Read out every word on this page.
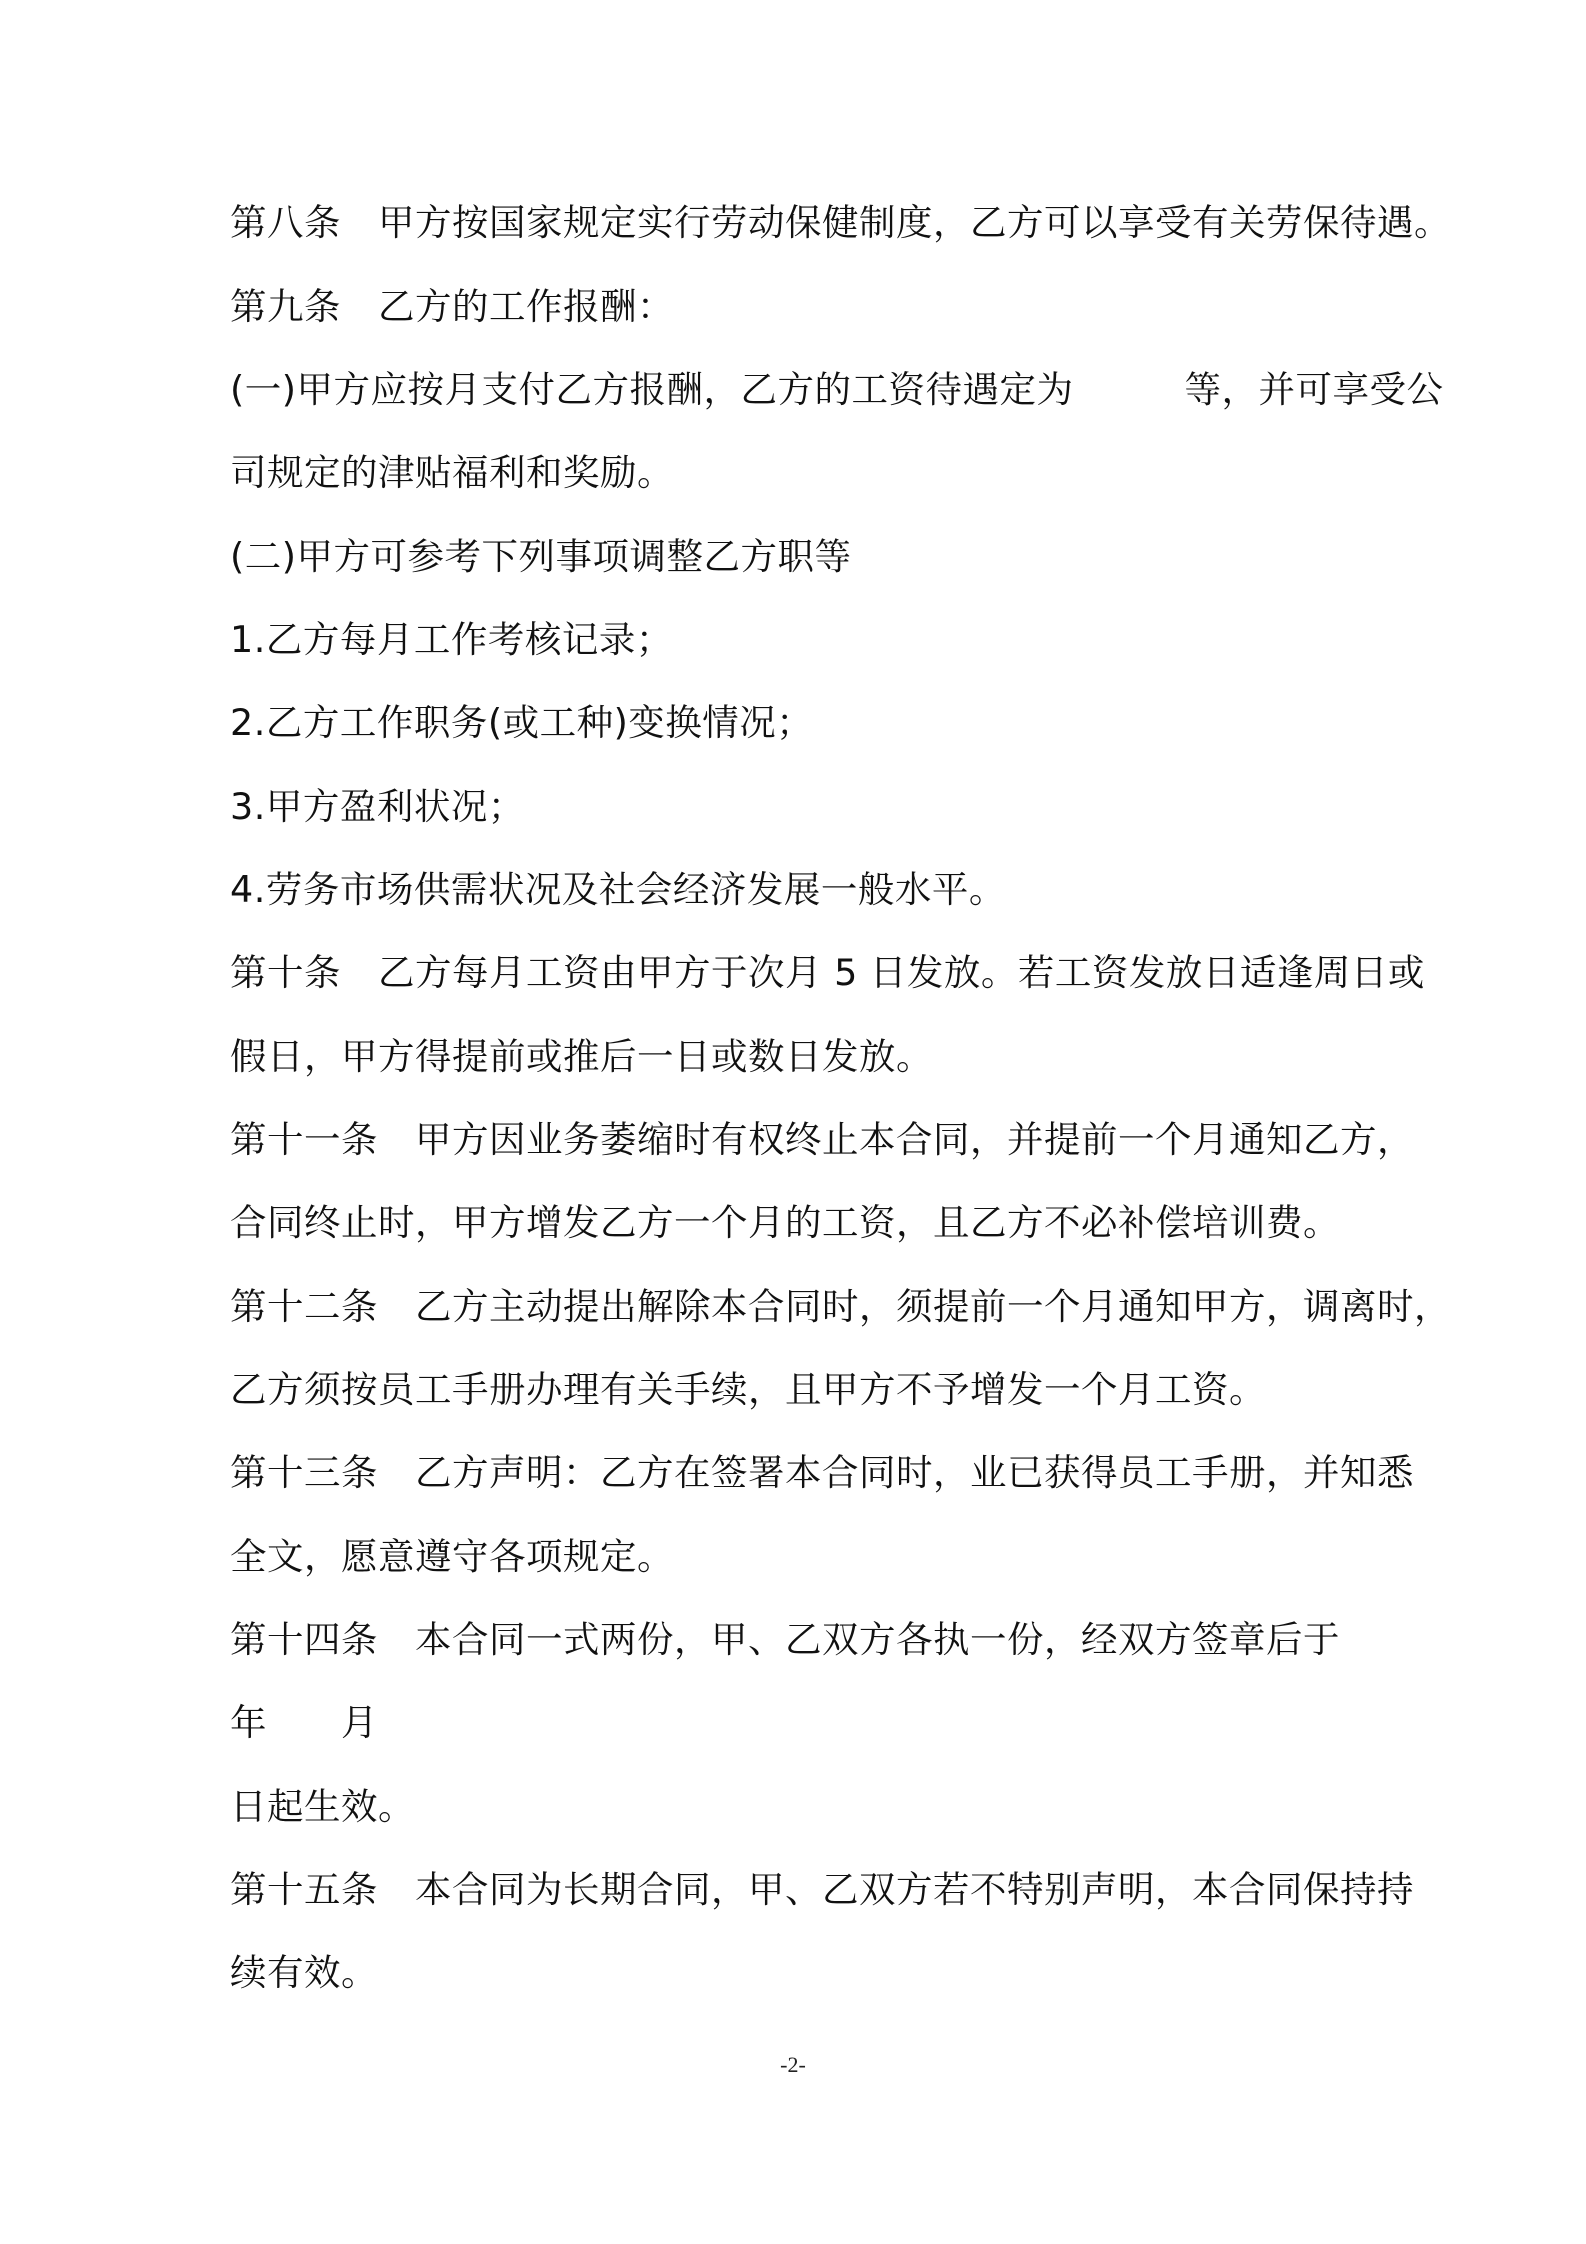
第八条　甲方按国家规定实行劳动保健制度，乙方可以享受有关劳保待遇。

第九条　乙方的工作报酬：

(一)甲方应按月支付乙方报酬，乙方的工资待遇定为　　　等，并可享受公

司规定的津贴福利和奖励。

(二)甲方可参考下列事项调整乙方职等

1.乙方每月工作考核记录；

2.乙方工作职务(或工种)变换情况；

3.甲方盈利状况；

4.劳务市场供需状况及社会经济发展一般水平。

第十条　乙方每月工资由甲方于次月 5 日发放。若工资发放日适逢周日或

假日，甲方得提前或推后一日或数日发放。

第十一条　甲方因业务萎缩时有权终止本合同，并提前一个月通知乙方，

合同终止时，甲方增发乙方一个月的工资，且乙方不必补偿培训费。

第十二条　乙方主动提出解除本合同时，须提前一个月通知甲方，调离时，

乙方须按员工手册办理有关手续，且甲方不予增发一个月工资。

第十三条　乙方声明：乙方在签署本合同时，业已获得员工手册，并知悉

全文，愿意遵守各项规定。

第十四条　本合同一式两份，甲、乙双方各执一份，经双方签章后于

年　　月

日起生效。

第十五条　本合同为长期合同，甲、乙双方若不特别声明，本合同保持持

续有效。

-2-
